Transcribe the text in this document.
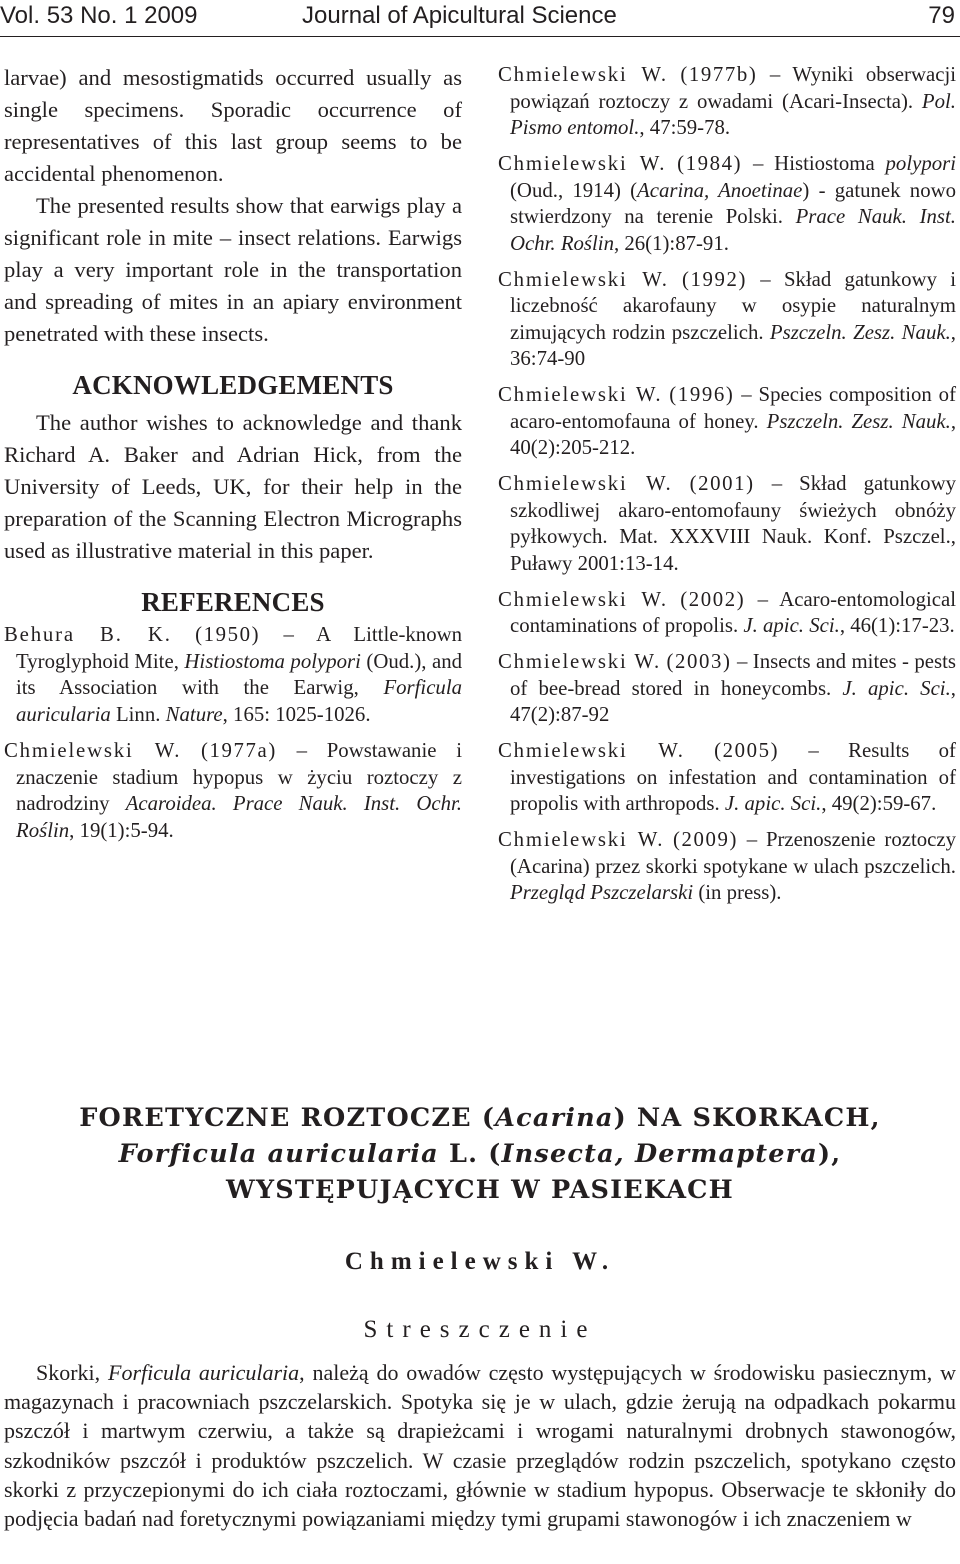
Vol. 53 No. 1 2009	Journal of Apicultural Science	79

larvae) and mesostigmatids occurred usually as single specimens. Sporadic occurrence of representatives of this last group seems to be accidental phenomenon.

The presented results show that earwigs play a significant role in mite – insect relations. Earwigs play a very important role in the transportation and spreading of mites in an apiary environment penetrated with these insects.

ACKNOWLEDGEMENTS

The author wishes to acknowledge and thank Richard A. Baker and Adrian Hick, from the University of Leeds, UK, for their help in the preparation of the Scanning Electron Micrographs used as illustrative material in this paper.

REFERENCES
Behura B. K. (1950) – A Little-known Tyroglyphoid Mite, Histiostoma polypori (Oud.), and its Association with the Earwig, Forficula auricularia Linn. Nature, 165: 1025-1026.
Chmielewski W. (1977a) – Powstawanie i znaczenie stadium hypopus w życiu roztoczy z nadrodziny Acaroidea. Prace Nauk. Inst. Ochr. Roślin, 19(1):5-94.
Chmielewski W. (1977b) – Wyniki obserwacji powiązań roztoczy z owadami (Acari-Insecta). Pol. Pismo entomol., 47:59-78.
Chmielewski W. (1984) – Histiostoma polypori (Oud., 1914) (Acarina, Anoetinae) - gatunek nowo stwierdzony na terenie Polski. Prace Nauk. Inst. Ochr. Roślin, 26(1):87-91.
Chmielewski W. (1992) – Skład gatunkowy i liczebność akarofauny w osypie naturalnym zimujących rodzin pszczelich. Pszczeln. Zesz. Nauk., 36:74-90
Chmielewski W. (1996) – Species composition of acaro-entomofauna of honey. Pszczeln. Zesz. Nauk., 40(2):205-212.
Chmielewski W. (2001) – Skład gatunkowy szkodliwej akaro-entomofauny świeżych obnóży pyłkowych. Mat. XXXVIII Nauk. Konf. Pszczel., Puławy 2001:13-14.
Chmielewski W. (2002) – Acaro-entomological contaminations of propolis. J. apic. Sci., 46(1):17-23.
Chmielewski W. (2003) – Insects and mites - pests of bee-bread stored in honeycombs. J. apic. Sci., 47(2):87-92
Chmielewski W. (2005) – Results of investigations on infestation and contamination of propolis with arthropods. J. apic. Sci., 49(2):59-67.
Chmielewski W. (2009) – Przenoszenie roztoczy (Acarina) przez skorki spotykane w ulach pszczelich. Przegląd Pszczelarski (in press).
FORETYCZNE ROZTOCZE (Acarina) NA SKORKACH,
Forficula auricularia L. (Insecta, Dermaptera),
WYSTĘPUJĄCYCH W PASIEKACH
Chmielewski W.
Streszczenie

Skorki, Forficula auricularia, należą do owadów często występujących w środowisku pasiecznym, w magazynach i pracowniach pszczelarskich. Spotyka się je w ulach, gdzie żerują na odpadkach pokarmu pszczół i martwym czerwiu, a także są drapieżcami i wrogami naturalnymi drobnych stawonogów, szkodników pszczół i produktów pszczelich. W czasie przeglądów rodzin pszczelich, spotykano często skorki z przyczepionymi do ich ciała roztoczami, głównie w stadium hypopus. Obserwacje te skłoniły do podjęcia badań nad foretycznymi powiązaniami między tymi grupami stawonogów i ich znaczeniem w
